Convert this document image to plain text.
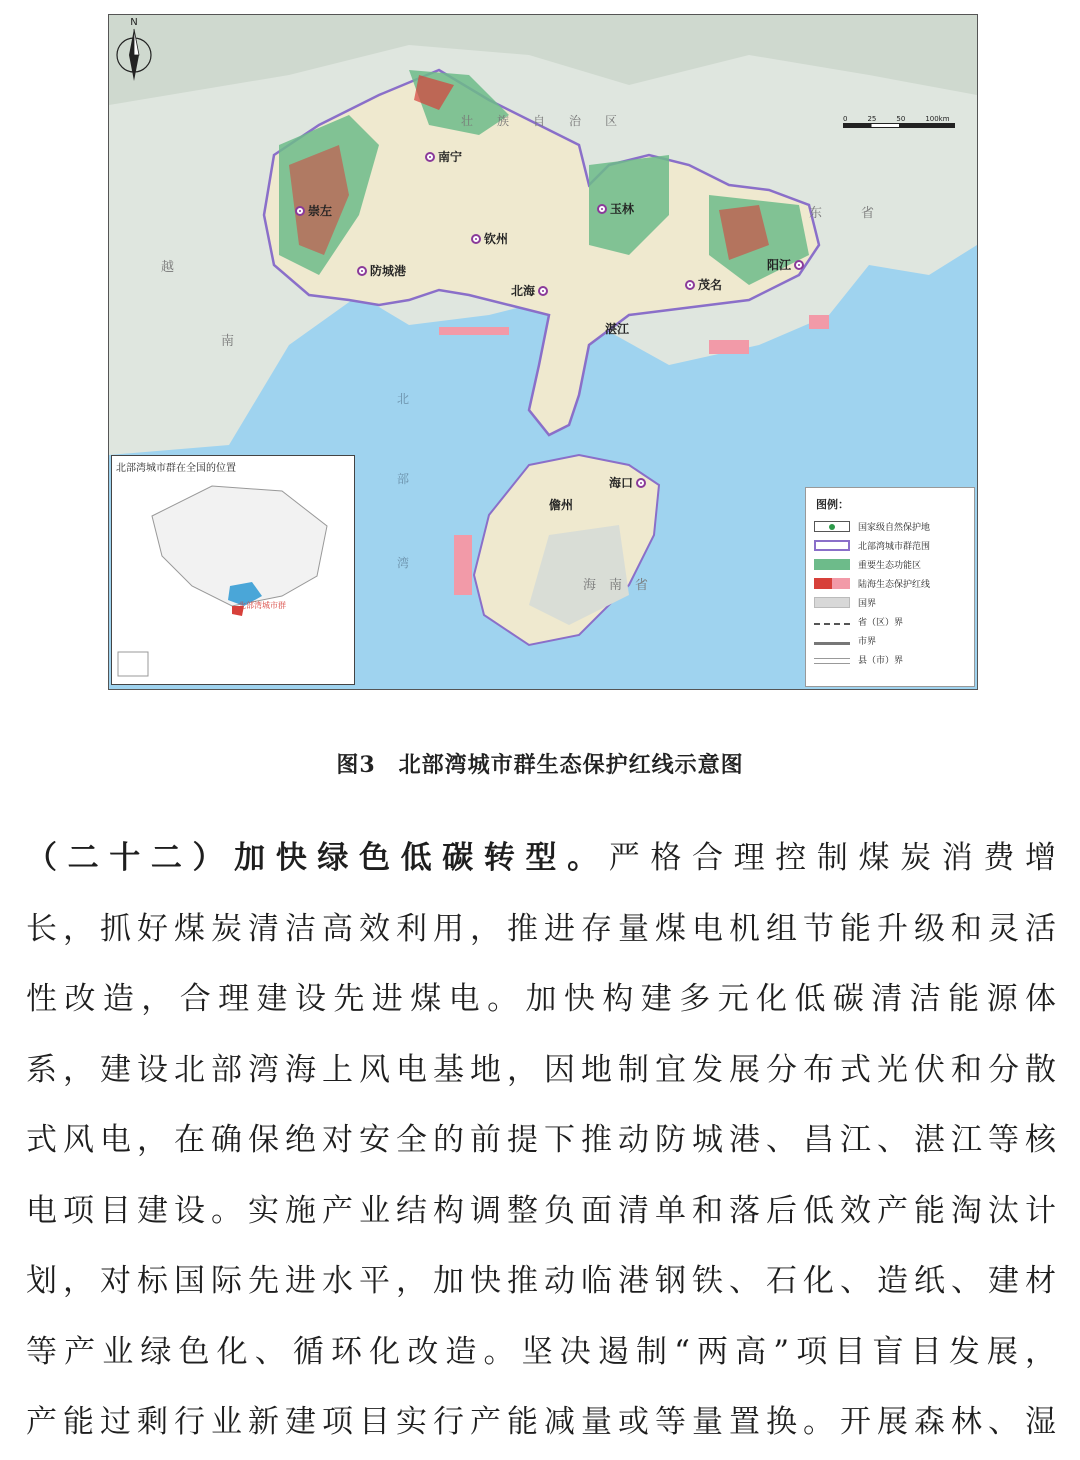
壮族自治区
东	省
越
南
北
部
湾
海　南　省
南宁
崇左
钦州
防城港
北海
玉林
茂名
阳江
湛江
海口
儋州
N
0	25	50	100km
北部湾城市群在全国的位置
北部湾城市群
图例：
国家级自然保护地
北部湾城市群范围
重要生态功能区
陆海生态保护红线
国界
省（区）界
市界
县（市）界
图3　北部湾城市群生态保护红线示意图
（二十二）加快绿色低碳转型。严格合理控制煤炭消费增
长，抓好煤炭清洁高效利用，推进存量煤电机组节能升级和灵活
性改造，合理建设先进煤电。加快构建多元化低碳清洁能源体
系，建设北部湾海上风电基地，因地制宜发展分布式光伏和分散
式风电，在确保绝对安全的前提下推动防城港、昌江、湛江等核
电项目建设。实施产业结构调整负面清单和落后低效产能淘汰计
划，对标国际先进水平，加快推动临港钢铁、石化、造纸、建材
等产业绿色化、循环化改造。坚决遏制“两高”项目盲目发展，
产能过剩行业新建项目实行产能减量或等量置换。开展森林、湿
